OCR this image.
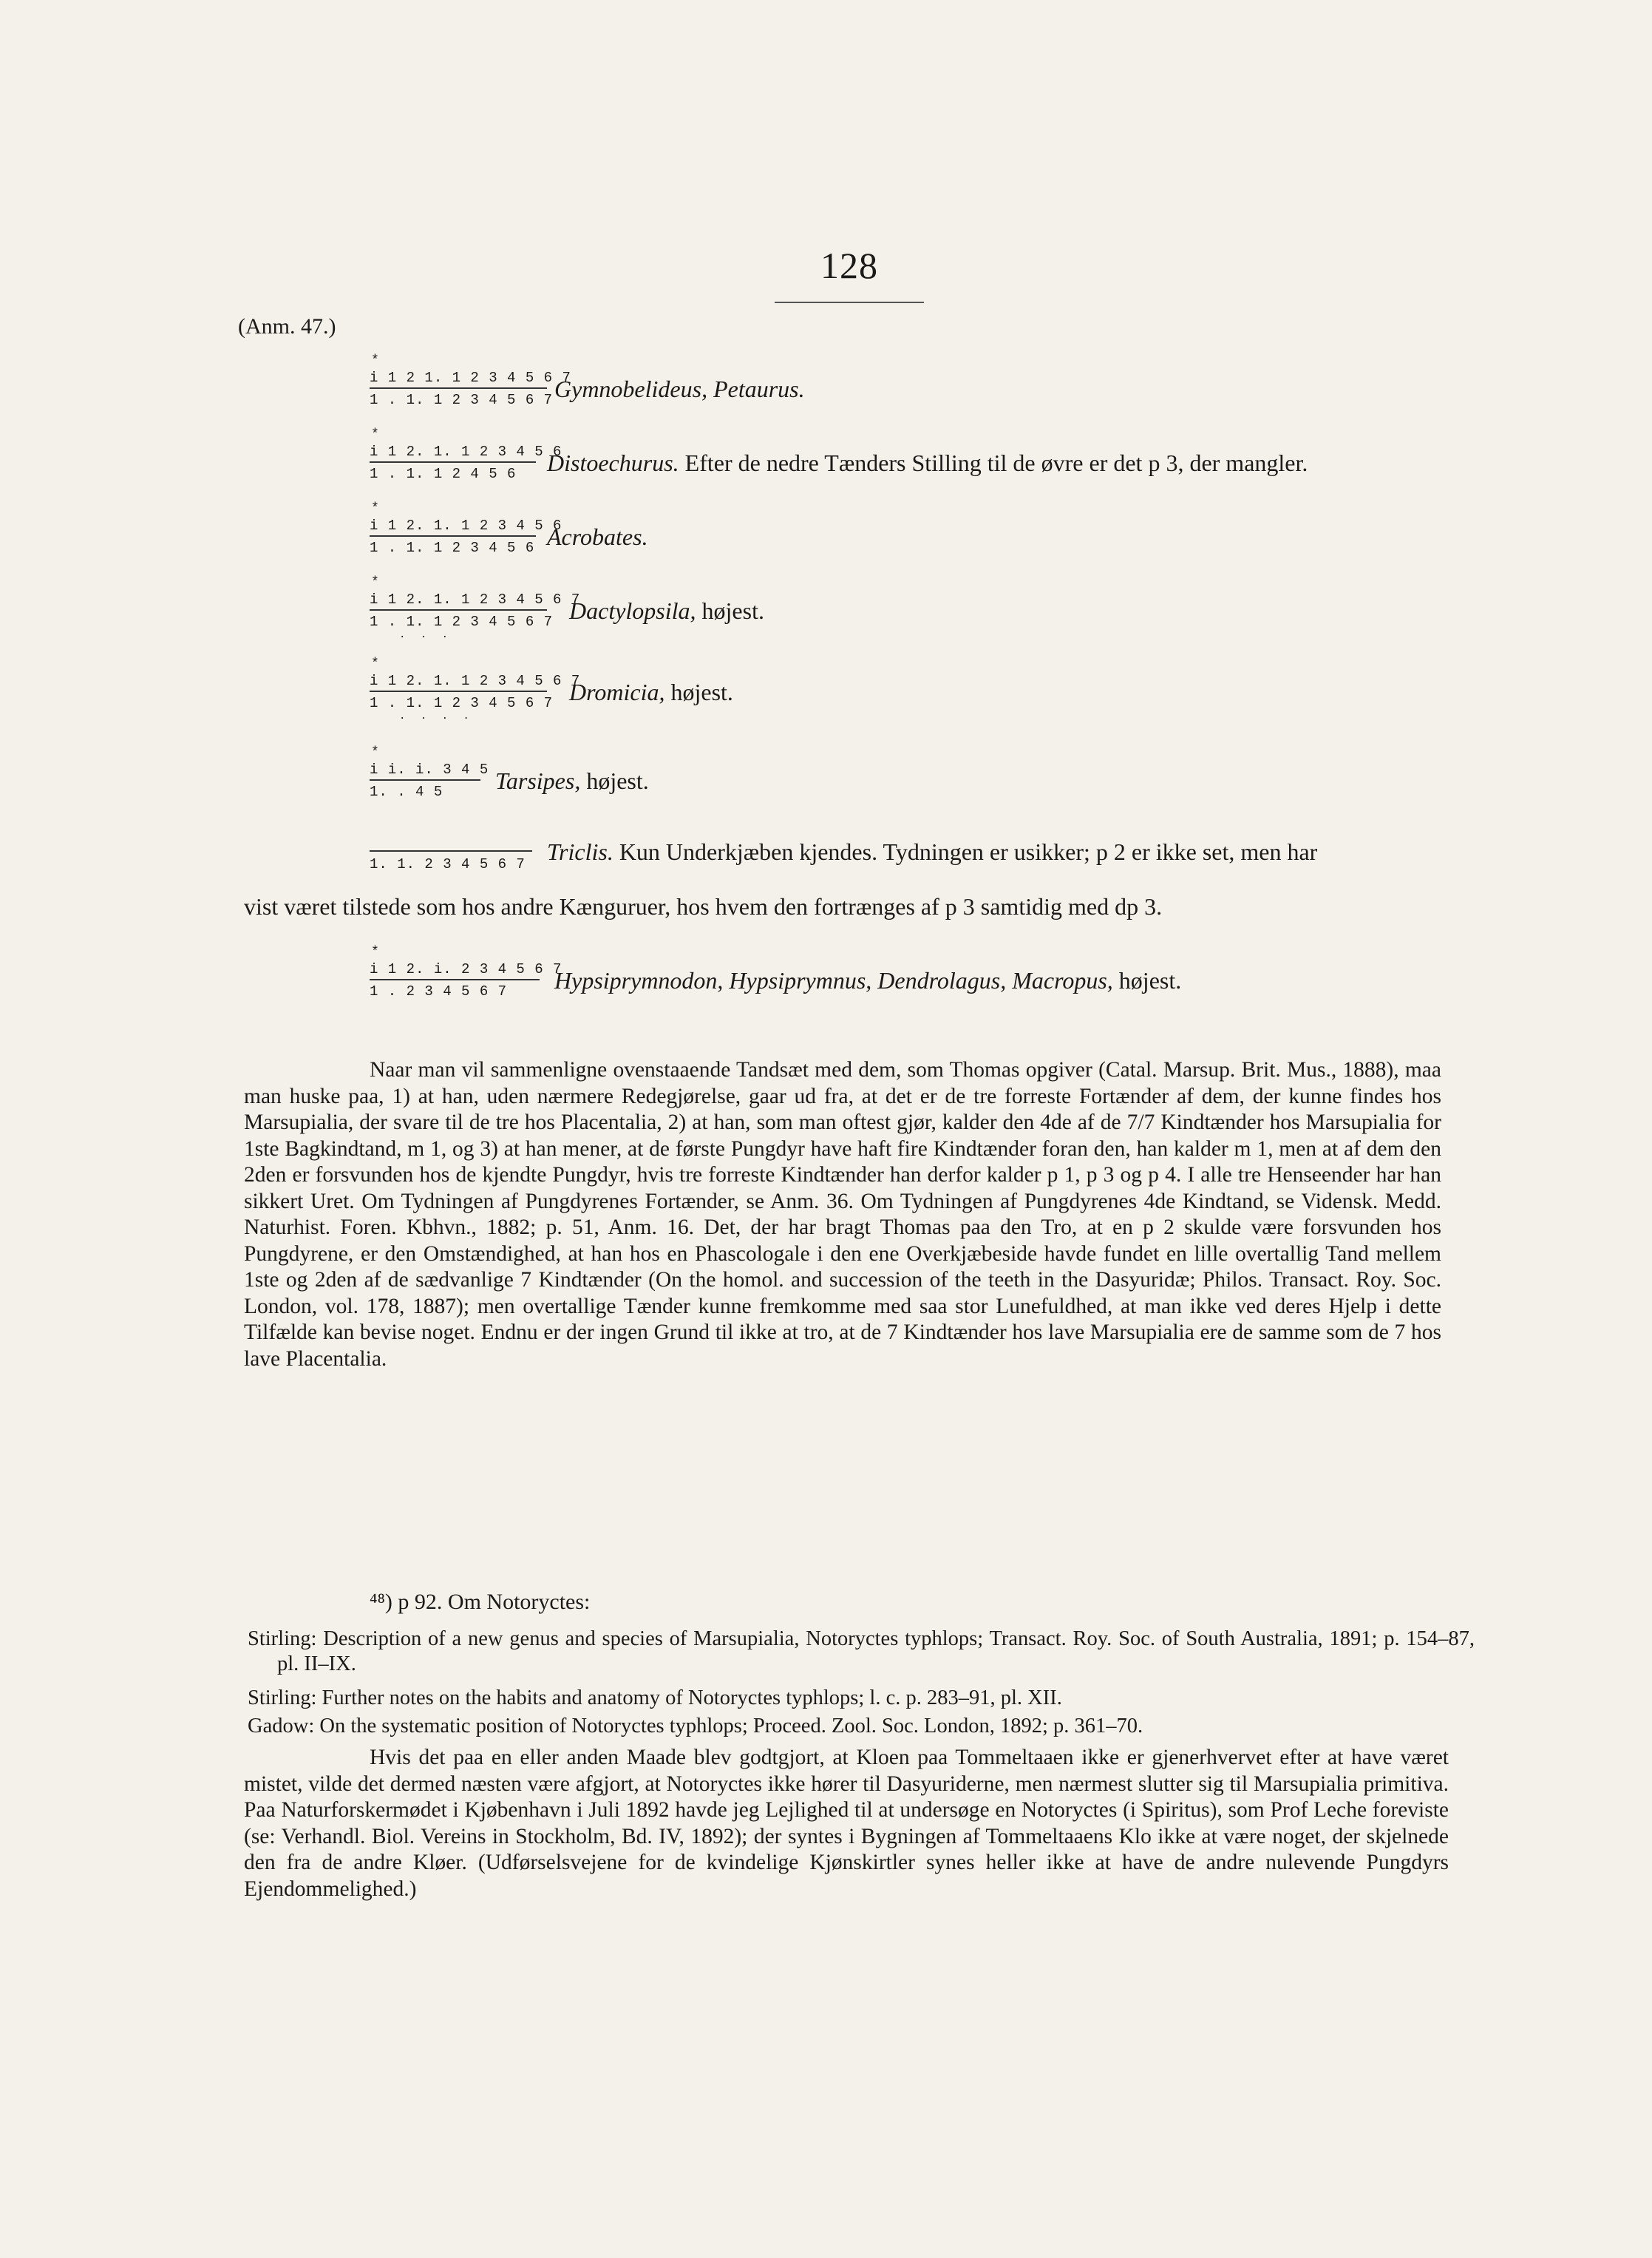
128
(Anm. 47.)
*
i 1 2 1. 1 2 3 4 5 6 7
1 . 1. 1 2 3 4 5 6 7 Gymnobelideus, Petaurus.
*
i 1 2. 1. 1 2 3 4 5 6
1 . 1. 1 2 4 5 6 Distoechurus. Efter de nedre Tænders Stilling til de øvre er det p 3, der mangler.
*
i 1 2. 1. 1 2 3 4 5 6
1 . 1. 1 2 3 4 5 6 Acrobates.
*
i 1 2. 1. 1 2 3 4 5 6 7
1 . 1. 1 2 3 4 5 6 7
· · ·
Dactylopsila, højest.
*
i 1 2. 1. 1 2 3 4 5 6 7
1 . 1. 1 2 3 4 5 6 7
· · · ·
Dromicia, højest.
*
i i. i. 3 4 5
1. . 4 5 Tarsipes, højest.
1. 1. 2 3 4 5 6 7 Triclis. Kun Underkjæben kjendes. Tydningen er usikker; p 2 er ikke set, men har
vist været tilstede som hos andre Kænguruer, hos hvem den fortrænges af p 3 samtidig med dp 3.
*
i 1 2. i. 2 3 4 5 6 7
1 . 2 3 4 5 6 7 Hypsiprymnodon, Hypsiprymnus, Dendrolagus, Macropus, højest.
Naar man vil sammenligne ovenstaaende Tandsæt med dem, som Thomas opgiver (Catal. Marsup. Brit. Mus., 1888), maa man huske paa, 1) at han, uden nærmere Redegjørelse, gaar ud fra, at det er de tre forreste Fortænder af dem, der kunne findes hos Marsupialia, der svare til de tre hos Placentalia, 2) at han, som man oftest gjør, kalder den 4de af de 7/7 Kindtænder hos Marsupialia for 1ste Bagkindtand, m 1, og 3) at han mener, at de første Pungdyr have haft fire Kindtænder foran den, han kalder m 1, men at af dem den 2den er forsvunden hos de kjendte Pungdyr, hvis tre forreste Kindtænder han derfor kalder p 1, p 3 og p 4. I alle tre Henseender har han sikkert Uret. Om Tydningen af Pungdyrenes Fortænder, se Anm. 36. Om Tydningen af Pungdyrenes 4de Kindtand, se Vidensk. Medd. Naturhist. Foren. Kbhvn., 1882; p. 51, Anm. 16. Det, der har bragt Thomas paa den Tro, at en p 2 skulde være forsvunden hos Pungdyrene, er den Omstændighed, at han hos en Phascologale i den ene Overkjæbeside havde fundet en lille overtallig Tand mellem 1ste og 2den af de sædvanlige 7 Kindtænder (On the homol. and succession of the teeth in the Dasyuridæ; Philos. Transact. Roy. Soc. London, vol. 178, 1887); men overtallige Tænder kunne fremkomme med saa stor Lunefuldhed, at man ikke ved deres Hjelp i dette Tilfælde kan bevise noget. Endnu er der ingen Grund til ikke at tro, at de 7 Kindtænder hos lave Marsupialia ere de samme som de 7 hos lave Placentalia.
⁴⁸) p 92. Om Notoryctes:
Stirling: Description of a new genus and species of Marsupialia, Notoryctes typhlops; Transact. Roy. Soc. of South Australia, 1891; p. 154–87, pl. II–IX.
Stirling: Further notes on the habits and anatomy of Notoryctes typhlops; l. c. p. 283–91, pl. XII.
Gadow: On the systematic position of Notoryctes typhlops; Proceed. Zool. Soc. London, 1892; p. 361–70.
Hvis det paa en eller anden Maade blev godtgjort, at Kloen paa Tommeltaaen ikke er gjenerhvervet efter at have været mistet, vilde det dermed næsten være afgjort, at Notoryctes ikke hører til Dasyuriderne, men nærmest slutter sig til Marsupialia primitiva. Paa Naturforskermødet i Kjøbenhavn i Juli 1892 havde jeg Lejlighed til at undersøge en Notoryctes (i Spiritus), som Prof Leche foreviste (se: Verhandl. Biol. Vereins in Stockholm, Bd. IV, 1892); der syntes i Bygningen af Tommeltaaens Klo ikke at være noget, der skjelnede den fra de andre Kløer. (Udførselsvejene for de kvindelige Kjønskirtler synes heller ikke at have de andre nulevende Pungdyrs Ejendommelighed.)
